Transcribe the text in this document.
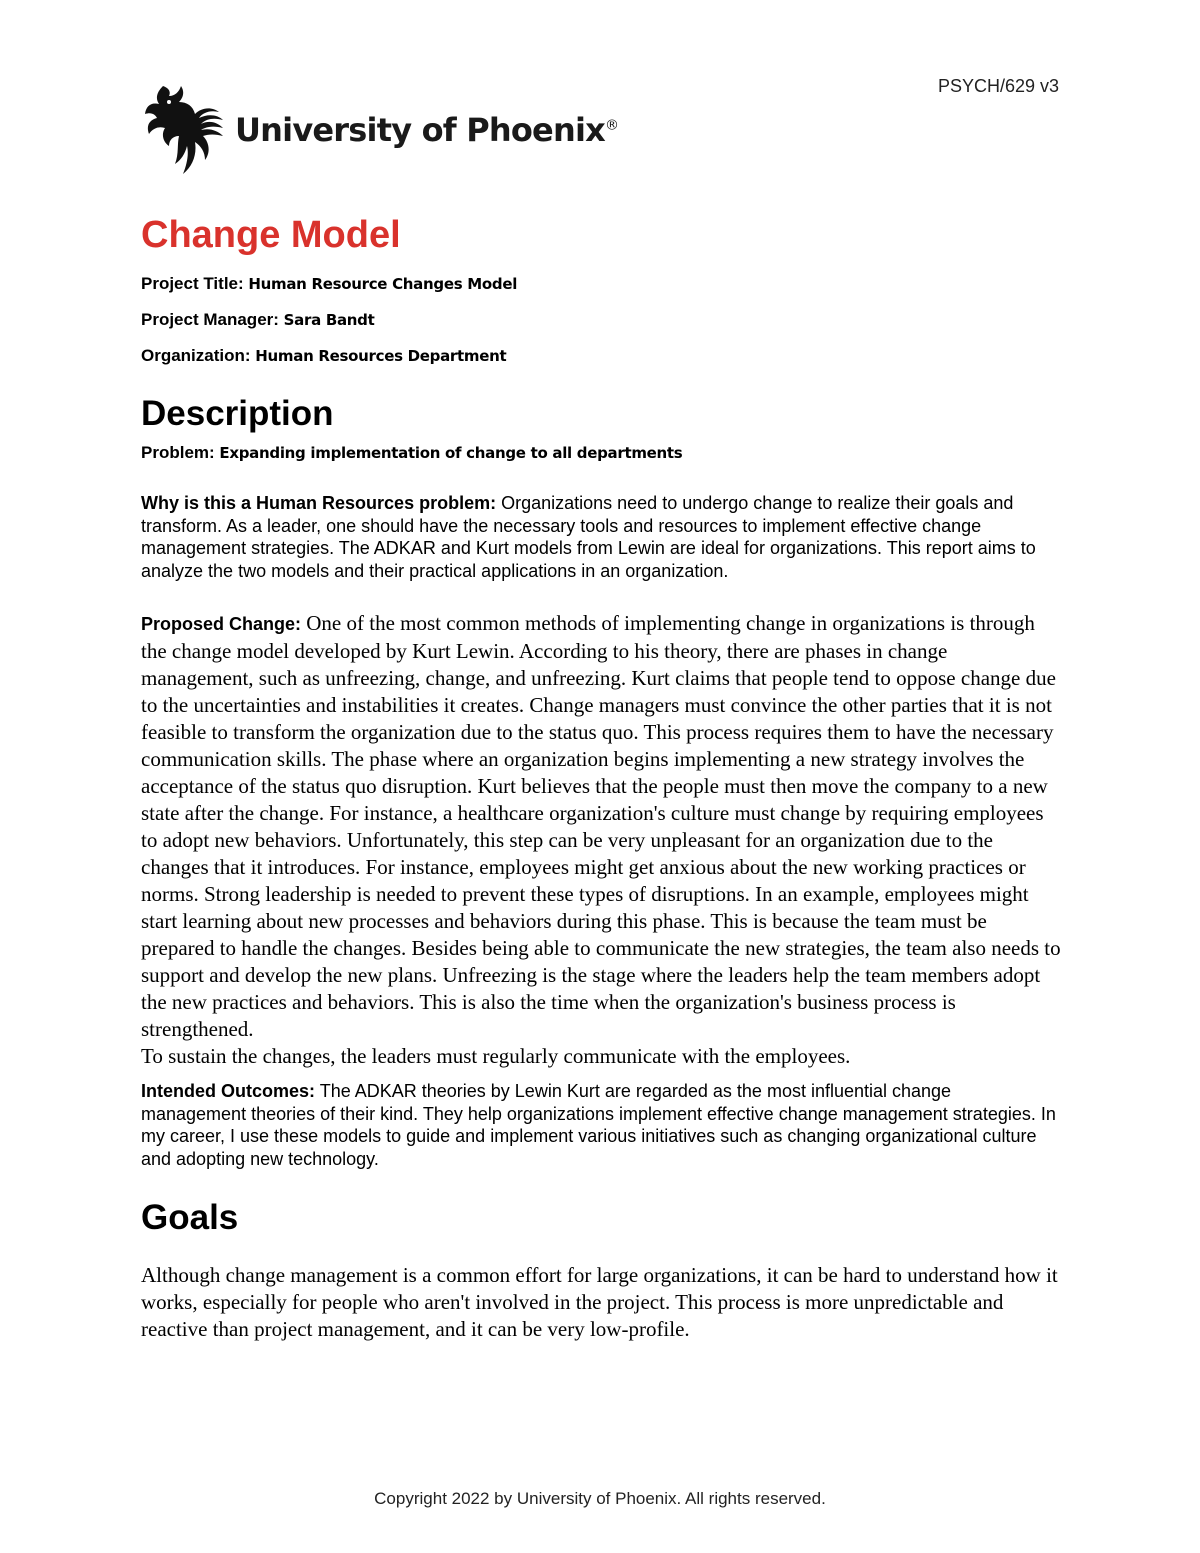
PSYCH/629 v3
University of Phoenix®
Change Model

Project Title: Human Resource Changes Model

Project Manager: Sara Bandt

Organization: Human Resources Department

Description

Problem: Expanding implementation of change to all departments

Why is this a Human Resources problem: Organizations need to undergo change to realize their goals and transform. As a leader, one should have the necessary tools and resources to implement effective change management strategies. The ADKAR and Kurt models from Lewin are ideal for organizations. This report aims to analyze the two models and their practical applications in an organization.

Proposed Change: One of the most common methods of implementing change in organizations is through the change model developed by Kurt Lewin. According to his theory, there are phases in change management, such as unfreezing, change, and unfreezing. Kurt claims that people tend to oppose change due to the uncertainties and instabilities it creates. Change managers must convince the other parties that it is not feasible to transform the organization due to the status quo. This process requires them to have the necessary communication skills. The phase where an organization begins implementing a new strategy involves the acceptance of the status quo disruption. Kurt believes that the people must then move the company to a new state after the change. For instance, a healthcare organization's culture must change by requiring employees to adopt new behaviors. Unfortunately, this step can be very unpleasant for an organization due to the changes that it introduces. For instance, employees might get anxious about the new working practices or norms. Strong leadership is needed to prevent these types of disruptions. In an example, employees might start learning about new processes and behaviors during this phase. This is because the team must be prepared to handle the changes. Besides being able to communicate the new strategies, the team also needs to support and develop the new plans. Unfreezing is the stage where the leaders help the team members adopt the new practices and behaviors. This is also the time when the organization's business process is strengthened.

To sustain the changes, the leaders must regularly communicate with the employees.

Intended Outcomes: The ADKAR theories by Lewin Kurt are regarded as the most influential change management theories of their kind. They help organizations implement effective change management strategies. In my career, I use these models to guide and implement various initiatives such as changing organizational culture and adopting new technology.

Goals

Although change management is a common effort for large organizations, it can be hard to understand how it works, especially for people who aren't involved in the project. This process is more unpredictable and reactive than project management, and it can be very low-profile.

Copyright 2022 by University of Phoenix. All rights reserved.
